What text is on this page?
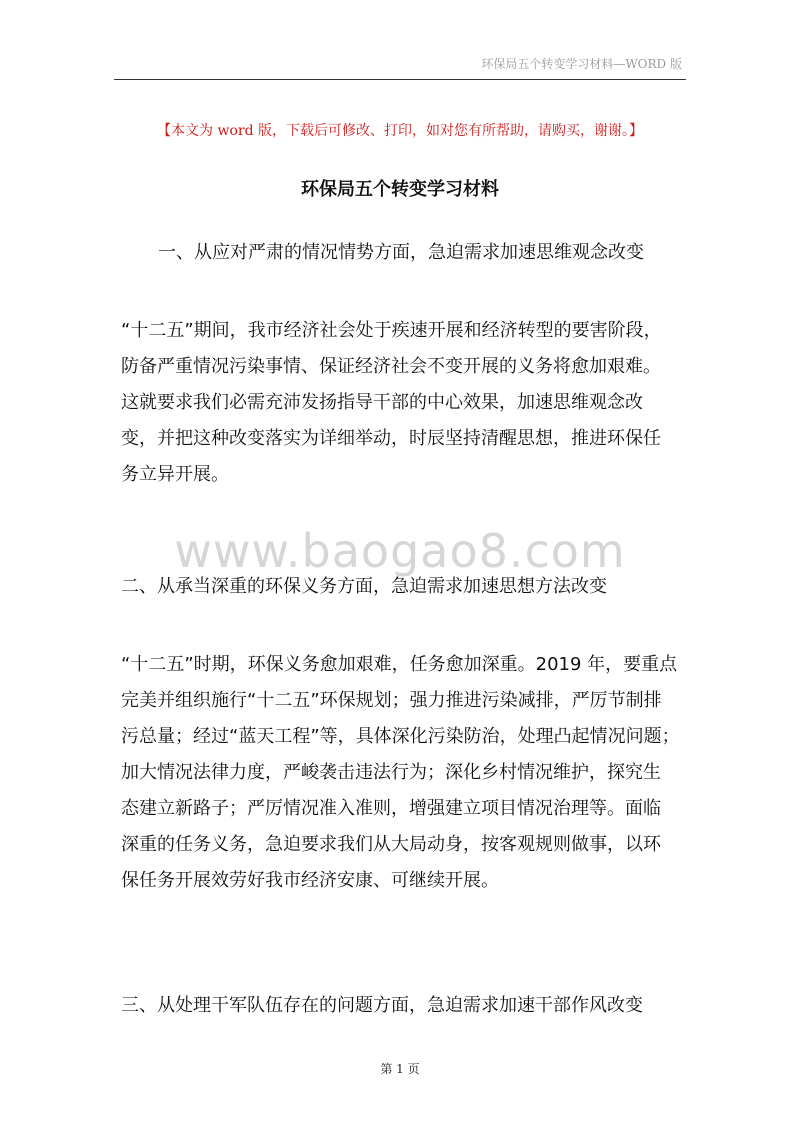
环保局五个转变学习材料—WORD 版
【本文为 word 版，下载后可修改、打印，如对您有所帮助，请购买，谢谢。】
环保局五个转变学习材料
一、从应对严肃的情况情势方面，急迫需求加速思维观念改变
“十二五”期间，我市经济社会处于疾速开展和经济转型的要害阶段，
防备严重情况污染事情、保证经济社会不变开展的义务将愈加艰难。
这就要求我们必需充沛发扬指导干部的中心效果，加速思维观念改
变，并把这种改变落实为详细举动，时辰坚持清醒思想，推进环保任
务立异开展。
www.baogao8.com
二、从承当深重的环保义务方面，急迫需求加速思想方法改变
“十二五”时期，环保义务愈加艰难，任务愈加深重。2019 年，要重点
完美并组织施行“十二五”环保规划；强力推进污染减排，严厉节制排
污总量；经过“蓝天工程”等，具体深化污染防治，处理凸起情况问题；
加大情况法律力度，严峻袭击违法行为；深化乡村情况维护，探究生
态建立新路子；严厉情况准入准则，增强建立项目情况治理等。面临
深重的任务义务，急迫要求我们从大局动身，按客观规则做事，以环
保任务开展效劳好我市经济安康、可继续开展。
三、从处理干军队伍存在的问题方面，急迫需求加速干部作风改变
第 1 页
